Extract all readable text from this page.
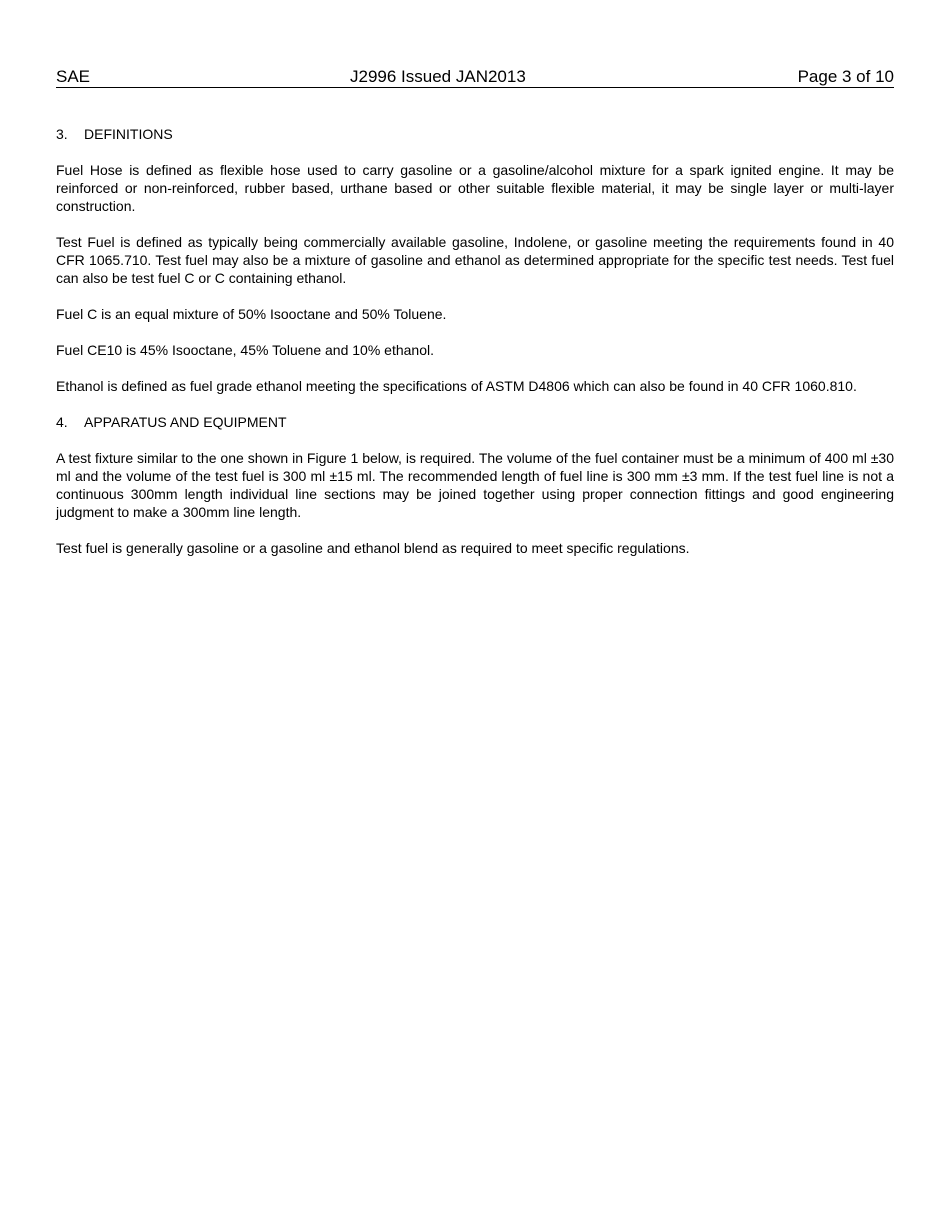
SAE	J2996 Issued JAN2013	Page 3 of 10
3. DEFINITIONS

Fuel Hose is defined as flexible hose used to carry gasoline or a gasoline/alcohol mixture for a spark ignited engine. It may be reinforced or non-reinforced, rubber based, urthane based or other suitable flexible material, it may be single layer or multi-layer construction.

Test Fuel is defined as typically being commercially available gasoline, Indolene, or gasoline meeting the requirements found in 40 CFR 1065.710. Test fuel may also be a mixture of gasoline and ethanol as determined appropriate for the specific test needs. Test fuel can also be test fuel C or C containing ethanol.

Fuel C is an equal mixture of 50% Isooctane and 50% Toluene.

Fuel CE10 is 45% Isooctane, 45% Toluene and 10% ethanol.

Ethanol is defined as fuel grade ethanol meeting the specifications of ASTM D4806 which can also be found in 40 CFR 1060.810.

4. APPARATUS AND EQUIPMENT

A test fixture similar to the one shown in Figure 1 below, is required. The volume of the fuel container must be a minimum of 400 ml ±30 ml and the volume of the test fuel is 300 ml ±15 ml. The recommended length of fuel line is 300 mm ±3 mm. If the test fuel line is not a continuous 300mm length individual line sections may be joined together using proper connection fittings and good engineering judgment to make a 300mm line length.

Test fuel is generally gasoline or a gasoline and ethanol blend as required to meet specific regulations.
